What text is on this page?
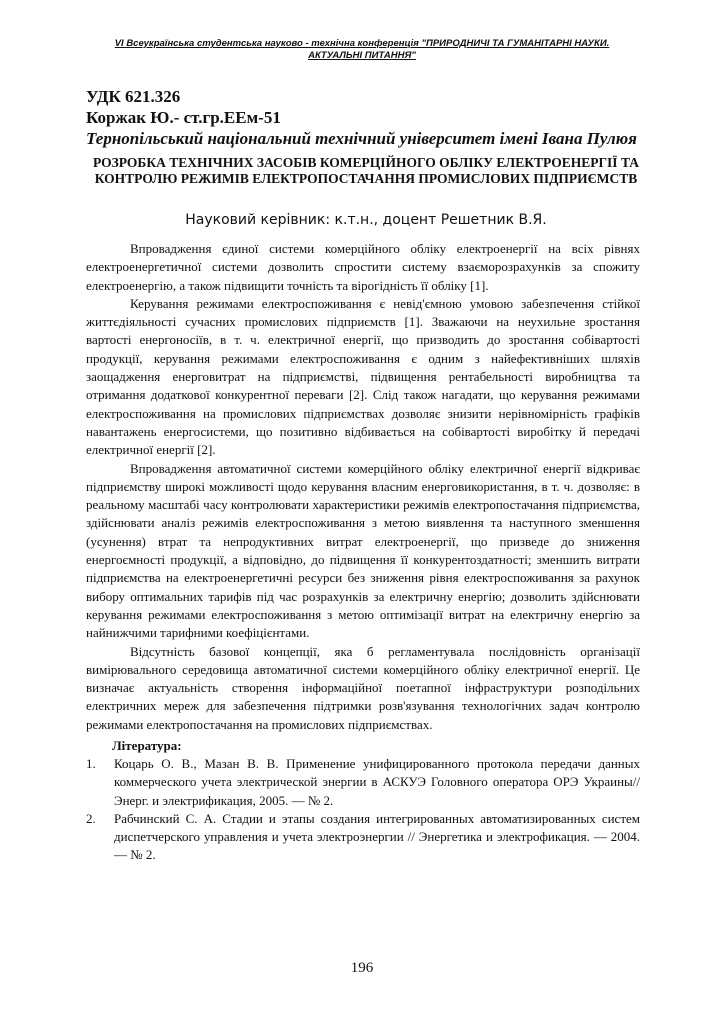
VI Всеукраїнська студентська науково - технічна конференція "ПРИРОДНИЧІ ТА ГУМАНІТАРНІ НАУКИ. АКТУАЛЬНІ ПИТАННЯ"
УДК 621.326
Коржак Ю.- ст.гр.ЕЕм-51
Тернопільський національний технічний університет імені Івана Пулюя
РОЗРОБКА ТЕХНІЧНИХ ЗАСОБІВ КОМЕРЦІЙНОГО ОБЛІКУ ЕЛЕКТРОЕНЕРГІЇ ТА КОНТРОЛЮ РЕЖИМІВ ЕЛЕКТРОПОСТАЧАННЯ ПРОМИСЛОВИХ ПІДПРИЄМСТВ
Науковий керівник: к.т.н., доцент Решетник В.Я.

Впровадження єдиної системи комерційного обліку електроенергії на всіх рівнях електроенергетичної системи дозволить спростити систему взаєморозрахунків за спожиту електроенергію, а також підвищити точність та вірогідність її обліку [1].

Керування режимами електроспоживання є невід'ємною умовою забезпечення стійкої життєдіяльності сучасних промислових підприємств [1]. Зважаючи на неухильне зростання вартості енергоносіїв, в т. ч. електричної енергії, що призводить до зростання собівартості продукції, керування режимами електроспоживання є одним з найефективніших шляхів заощадження енерговитрат на підприємстві, підвищення рентабельності виробництва та отримання додаткової конкурентної переваги [2]. Слід також нагадати, що керування режимами електроспоживання на промислових підприємствах дозволяє знизити нерівномірність графіків навантажень енергосистеми, що позитивно відбивається на собівартості виробітку й передачі електричної енергії [2].

Впровадження автоматичної системи комерційного обліку електричної енергії відкриває підприємству широкі можливості щодо керування власним енерговикористання, в т. ч. дозволяє: в реальному масштабі часу контролювати характеристики режимів електропостачання підприємства, здійснювати аналіз режимів електроспоживання з метою виявлення та наступного зменшення (усунення) втрат та непродуктивних витрат електроенергії, що призведе до зниження енергоємності продукції, а відповідно, до підвищення її конкурентоздатності; зменшить витрати підприємства на електроенергетичні ресурси без зниження рівня електроспоживання за рахунок вибору оптимальних тарифів під час розрахунків за електричну енергію; дозволить здійснювати керування режимами електроспоживання з метою оптимізації витрат на електричну енергію за найнижчими тарифними коефіцієнтами.

Відсутність базової концепції, яка б регламентувала послідовність організації вимірювального середовища автоматичної системи комерційного обліку електричної енергії. Це визначає актуальність створення інформаційної поетапної інфраструктури розподільних електричних мереж для забезпечення підтримки розв'язування технологічних задач контролю режимами електропостачання на промислових підприємствах.

Література:
1. Коцарь О. В., Мазан В. В. Применение унифицированного протокола передачи данных коммерческого учета электрической энергии в АСКУЭ Головного оператора ОРЭ Украины//Энерг. и электрификация, 2005. — № 2.
2. Рабчинский С. А. Стадии и этапы создания интегрированных автоматизированных систем диспетчерского управления и учета электроэнергии // Энергетика и электрофикация. — 2004. — № 2.
196
